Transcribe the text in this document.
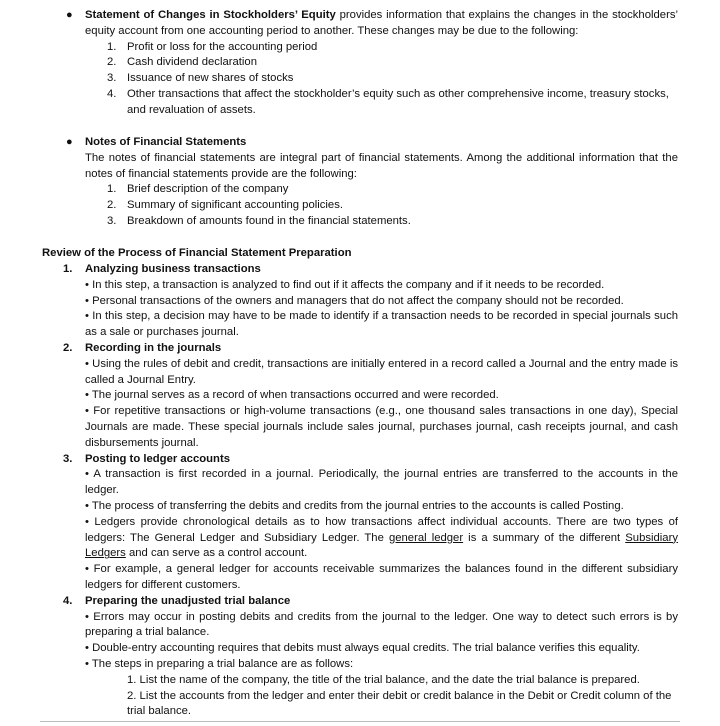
● Statement of Changes in Stockholders’ Equity provides information that explains the changes in the stockholders’ equity account from one accounting period to another. These changes may be due to the following:
1. Profit or loss for the accounting period
2. Cash dividend declaration
3. Issuance of new shares of stocks
4. Other transactions that affect the stockholder’s equity such as other comprehensive income, treasury stocks, and revaluation of assets.
● Notes of Financial Statements
The notes of financial statements are integral part of financial statements. Among the additional information that the notes of financial statements provide are the following:
1. Brief description of the company
2. Summary of significant accounting policies.
3. Breakdown of amounts found in the financial statements.
Review of the Process of Financial Statement Preparation
1. Analyzing business transactions
• In this step, a transaction is analyzed to find out if it affects the company and if it needs to be recorded.
• Personal transactions of the owners and managers that do not affect the company should not be recorded.
• In this step, a decision may have to be made to identify if a transaction needs to be recorded in special journals such as a sale or purchases journal.
2. Recording in the journals
• Using the rules of debit and credit, transactions are initially entered in a record called a Journal and the entry made is called a Journal Entry.
• The journal serves as a record of when transactions occurred and were recorded.
• For repetitive transactions or high-volume transactions (e.g., one thousand sales transactions in one day), Special Journals are made. These special journals include sales journal, purchases journal, cash receipts journal, and cash disbursements journal.
3. Posting to ledger accounts
• A transaction is first recorded in a journal. Periodically, the journal entries are transferred to the accounts in the ledger.
• The process of transferring the debits and credits from the journal entries to the accounts is called Posting.
• Ledgers provide chronological details as to how transactions affect individual accounts. There are two types of ledgers: The General Ledger and Subsidiary Ledger. The general ledger is a summary of the different Subsidiary Ledgers and can serve as a control account.
• For example, a general ledger for accounts receivable summarizes the balances found in the different subsidiary ledgers for different customers.
4. Preparing the unadjusted trial balance
• Errors may occur in posting debits and credits from the journal to the ledger. One way to detect such errors is by preparing a trial balance.
• Double-entry accounting requires that debits must always equal credits. The trial balance verifies this equality.
• The steps in preparing a trial balance are as follows:
1. List the name of the company, the title of the trial balance, and the date the trial balance is prepared.
2. List the accounts from the ledger and enter their debit or credit balance in the Debit or Credit column of the trial balance.
